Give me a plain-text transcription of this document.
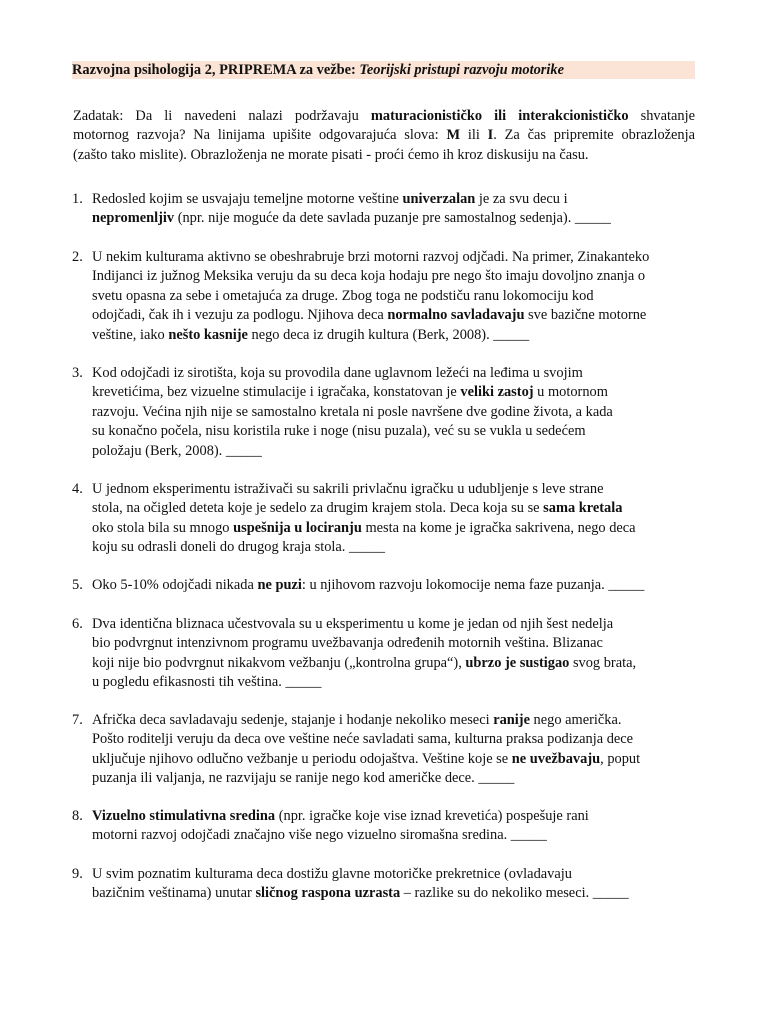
Razvojna psihologija 2, PRIPREMA za vežbe: Teorijski pristupi razvoju motorike
Zadatak: Da li navedeni nalazi podržavaju maturacionističko ili interakcionističko shvatanje
motornog razvoja? Na linijama upišite odgovarajuća slova: M ili I. Za čas pripremite obrazloženja
(zašto tako mislite). Obrazloženja ne morate pisati - proći ćemo ih kroz diskusiju na času.
1. Redosled kojim se usvajaju temeljne motorne veštine univerzalan je za svu decu i
nepromenljiv (npr. nije moguće da dete savlada puzanje pre samostalnog sedenja). _____
2. U nekim kulturama aktivno se obeshrabruje brzi motorni razvoj odjčadi. Na primer, Zinakanteko
Indijanci iz južnog Meksika veruju da su deca koja hodaju pre nego što imaju dovoljno znanja o
svetu opasna za sebe i ometajuća za druge. Zbog toga ne podstiču ranu lokomociju kod
odojčadi, čak ih i vezuju za podlogu. Njihova deca normalno savladavaju sve bazične motorne
veštine, iako nešto kasnije nego deca iz drugih kultura (Berk, 2008). _____
3. Kod odojčadi iz sirotišta, koja su provodila dane uglavnom ležeći na leđima u svojim
krevetićima, bez vizuelne stimulacije i igračaka, konstatovan je veliki zastoj u motornom
razvoju. Većina njih nije se samostalno kretala ni posle navršene dve godine života, a kada
su konačno počela, nisu koristila ruke i noge (nisu puzala), već su se vukla u sedećem
položaju (Berk, 2008). _____
4. U jednom eksperimentu istraživači su sakrili privlačnu igračku u udubljenje s leve strane
stola, na očigled deteta koje je sedelo za drugim krajem stola. Deca koja su se sama kretala
oko stola bila su mnogo uspešnija u lociranju mesta na kome je igračka sakrivena, nego deca
koju su odrasli doneli do drugog kraja stola. _____
5. Oko 5-10% odojčadi nikada ne puzi: u njihovom razvoju lokomocije nema faze puzanja. _____
6. Dva identična bliznaca učestvovala su u eksperimentu u kome je jedan od njih šest nedelja
bio podvrgnut intenzivnom programu uvežbavanja određenih motornih veština. Blizanac
koji nije bio podvrgnut nikakvom vežbanju („kontrolna grupa“), ubrzo je sustigao svog brata,
u pogledu efikasnosti tih veština. _____
7. Afrička deca savladavaju sedenje, stajanje i hodanje nekoliko meseci ranije nego američka.
Pošto roditelji veruju da deca ove veštine neće savladati sama, kulturna praksa podizanja dece
uključuje njihovo odlučno vežbanje u periodu odojaštva. Veštine koje se ne uvežbavaju, poput
puzanja ili valjanja, ne razvijaju se ranije nego kod američke dece. _____
8. Vizuelno stimulativna sredina (npr. igračke koje vise iznad krevetića) pospešuje rani
motorni razvoj odojčadi značajno više nego vizuelno siromašna sredina. _____
9. U svim poznatim kulturama deca dostižu glavne motoričke prekretnice (ovladavaju
bazičnim veštinama) unutar sličnog raspona uzrasta – razlike su do nekoliko meseci. _____
